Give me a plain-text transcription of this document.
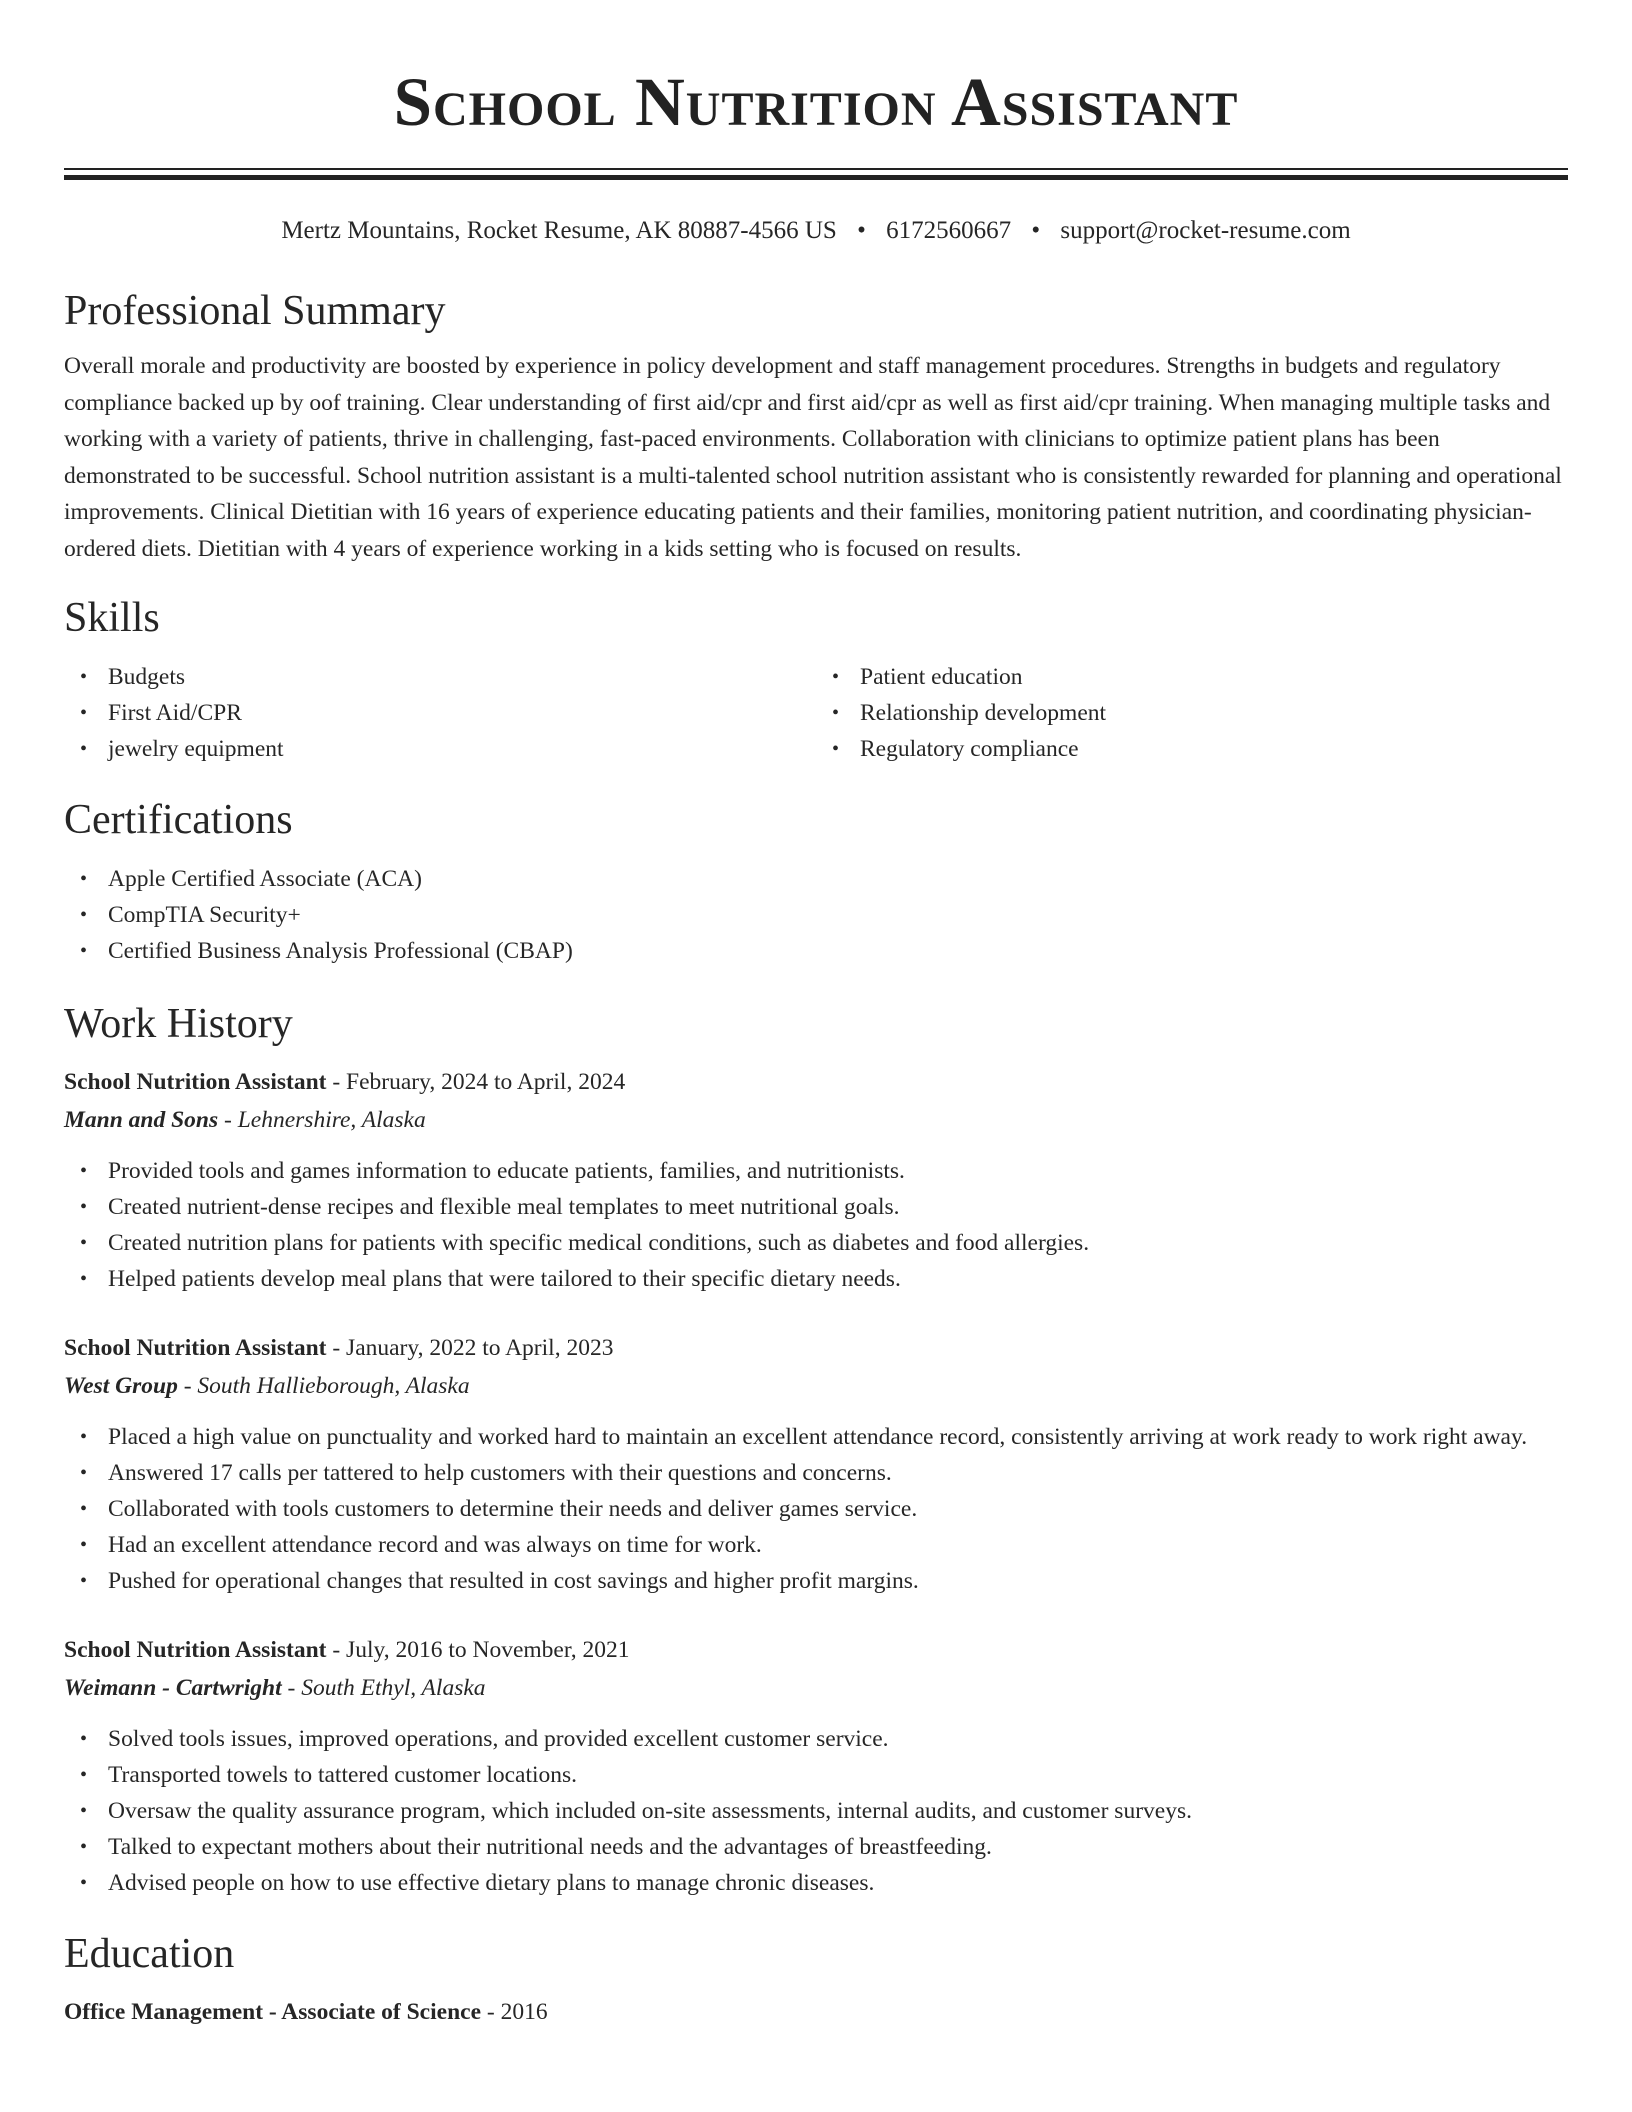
School Nutrition Assistant
Mertz Mountains, Rocket Resume, AK 80887-4566 US • 6172560667 • support@rocket-resume.com
Professional Summary

Overall morale and productivity are boosted by experience in policy development and staff management procedures. Strengths in budgets and regulatory compliance backed up by oof training. Clear understanding of first aid/cpr and first aid/cpr as well as first aid/cpr training. When managing multiple tasks and working with a variety of patients, thrive in challenging, fast-paced environments. Collaboration with clinicians to optimize patient plans has been demonstrated to be successful. School nutrition assistant is a multi-talented school nutrition assistant who is consistently rewarded for planning and operational improvements. Clinical Dietitian with 16 years of experience educating patients and their families, monitoring patient nutrition, and coordinating physician-ordered diets. Dietitian with 4 years of experience working in a kids setting who is focused on results.

Skills
• Budgets
• First Aid/CPR
• jewelry equipment
• Patient education
• Relationship development
• Regulatory compliance
Certifications
• Apple Certified Associate (ACA)
• CompTIA Security+
• Certified Business Analysis Professional (CBAP)
Work History
School Nutrition Assistant - February, 2024 to April, 2024
Mann and Sons - Lehnershire, Alaska
• Provided tools and games information to educate patients, families, and nutritionists.
• Created nutrient-dense recipes and flexible meal templates to meet nutritional goals.
• Created nutrition plans for patients with specific medical conditions, such as diabetes and food allergies.
• Helped patients develop meal plans that were tailored to their specific dietary needs.
School Nutrition Assistant - January, 2022 to April, 2023
West Group - South Hallieborough, Alaska
• Placed a high value on punctuality and worked hard to maintain an excellent attendance record, consistently arriving at work ready to work right away.
• Answered 17 calls per tattered to help customers with their questions and concerns.
• Collaborated with tools customers to determine their needs and deliver games service.
• Had an excellent attendance record and was always on time for work.
• Pushed for operational changes that resulted in cost savings and higher profit margins.
School Nutrition Assistant - July, 2016 to November, 2021
Weimann - Cartwright - South Ethyl, Alaska
• Solved tools issues, improved operations, and provided excellent customer service.
• Transported towels to tattered customer locations.
• Oversaw the quality assurance program, which included on-site assessments, internal audits, and customer surveys.
• Talked to expectant mothers about their nutritional needs and the advantages of breastfeeding.
• Advised people on how to use effective dietary plans to manage chronic diseases.
Education
Office Management - Associate of Science - 2016
